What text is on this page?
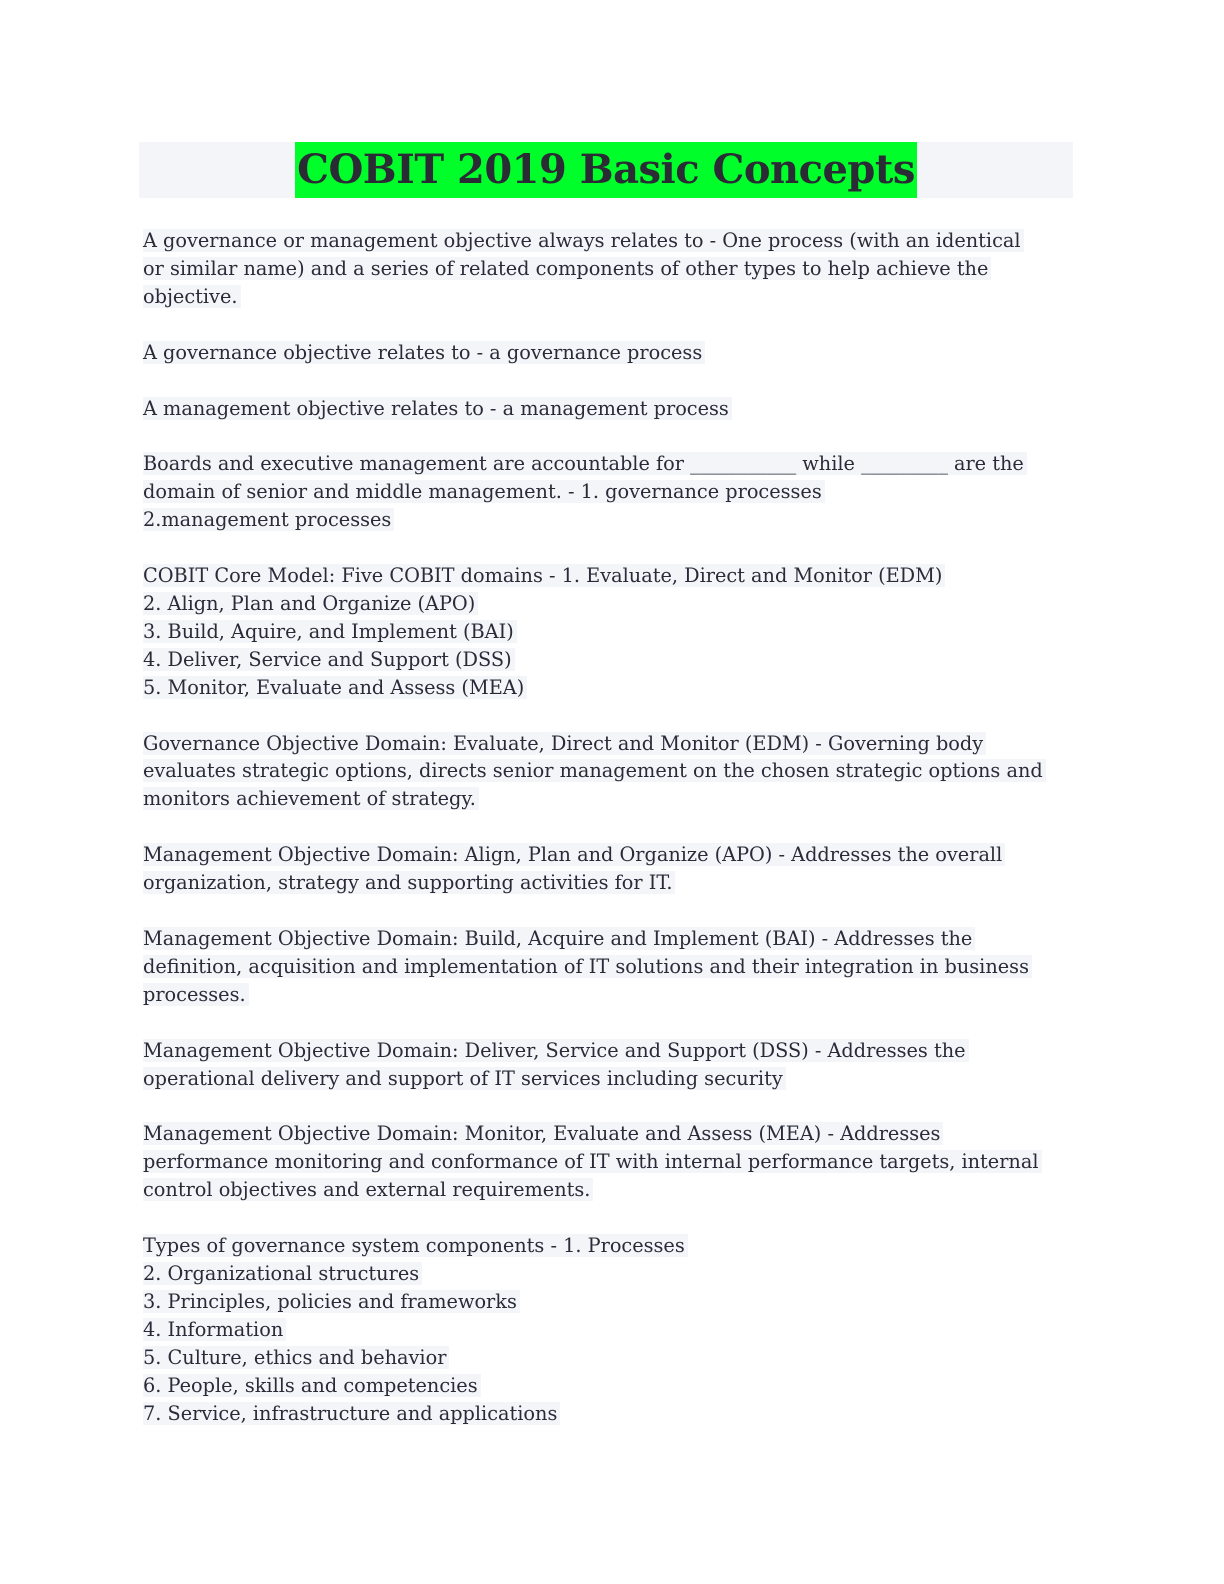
COBIT 2019 Basic Concepts
A governance or management objective always relates to - One process (with an identical
or similar name) and a series of related components of other types to help achieve the
objective.
A governance objective relates to - a governance process
A management objective relates to - a management process
Boards and executive management are accountable for ___________ while _________ are the
domain of senior and middle management. - 1. governance processes
2.management processes
COBIT Core Model: Five COBIT domains - 1. Evaluate, Direct and Monitor (EDM)
2. Align, Plan and Organize (APO)
3. Build, Aquire, and Implement (BAI)
4. Deliver, Service and Support (DSS)
5. Monitor, Evaluate and Assess (MEA)
Governance Objective Domain: Evaluate, Direct and Monitor (EDM) - Governing body
evaluates strategic options, directs senior management on the chosen strategic options and
monitors achievement of strategy.
Management Objective Domain: Align, Plan and Organize (APO) - Addresses the overall
organization, strategy and supporting activities for IT.
Management Objective Domain: Build, Acquire and Implement (BAI) - Addresses the
definition, acquisition and implementation of IT solutions and their integration in business
processes.
Management Objective Domain: Deliver, Service and Support (DSS) - Addresses the
operational delivery and support of IT services including security
Management Objective Domain: Monitor, Evaluate and Assess (MEA) - Addresses
performance monitoring and conformance of IT with internal performance targets, internal
control objectives and external requirements.
Types of governance system components - 1. Processes
2. Organizational structures
3. Principles, policies and frameworks
4. Information
5. Culture, ethics and behavior
6. People, skills and competencies
7. Service, infrastructure and applications
